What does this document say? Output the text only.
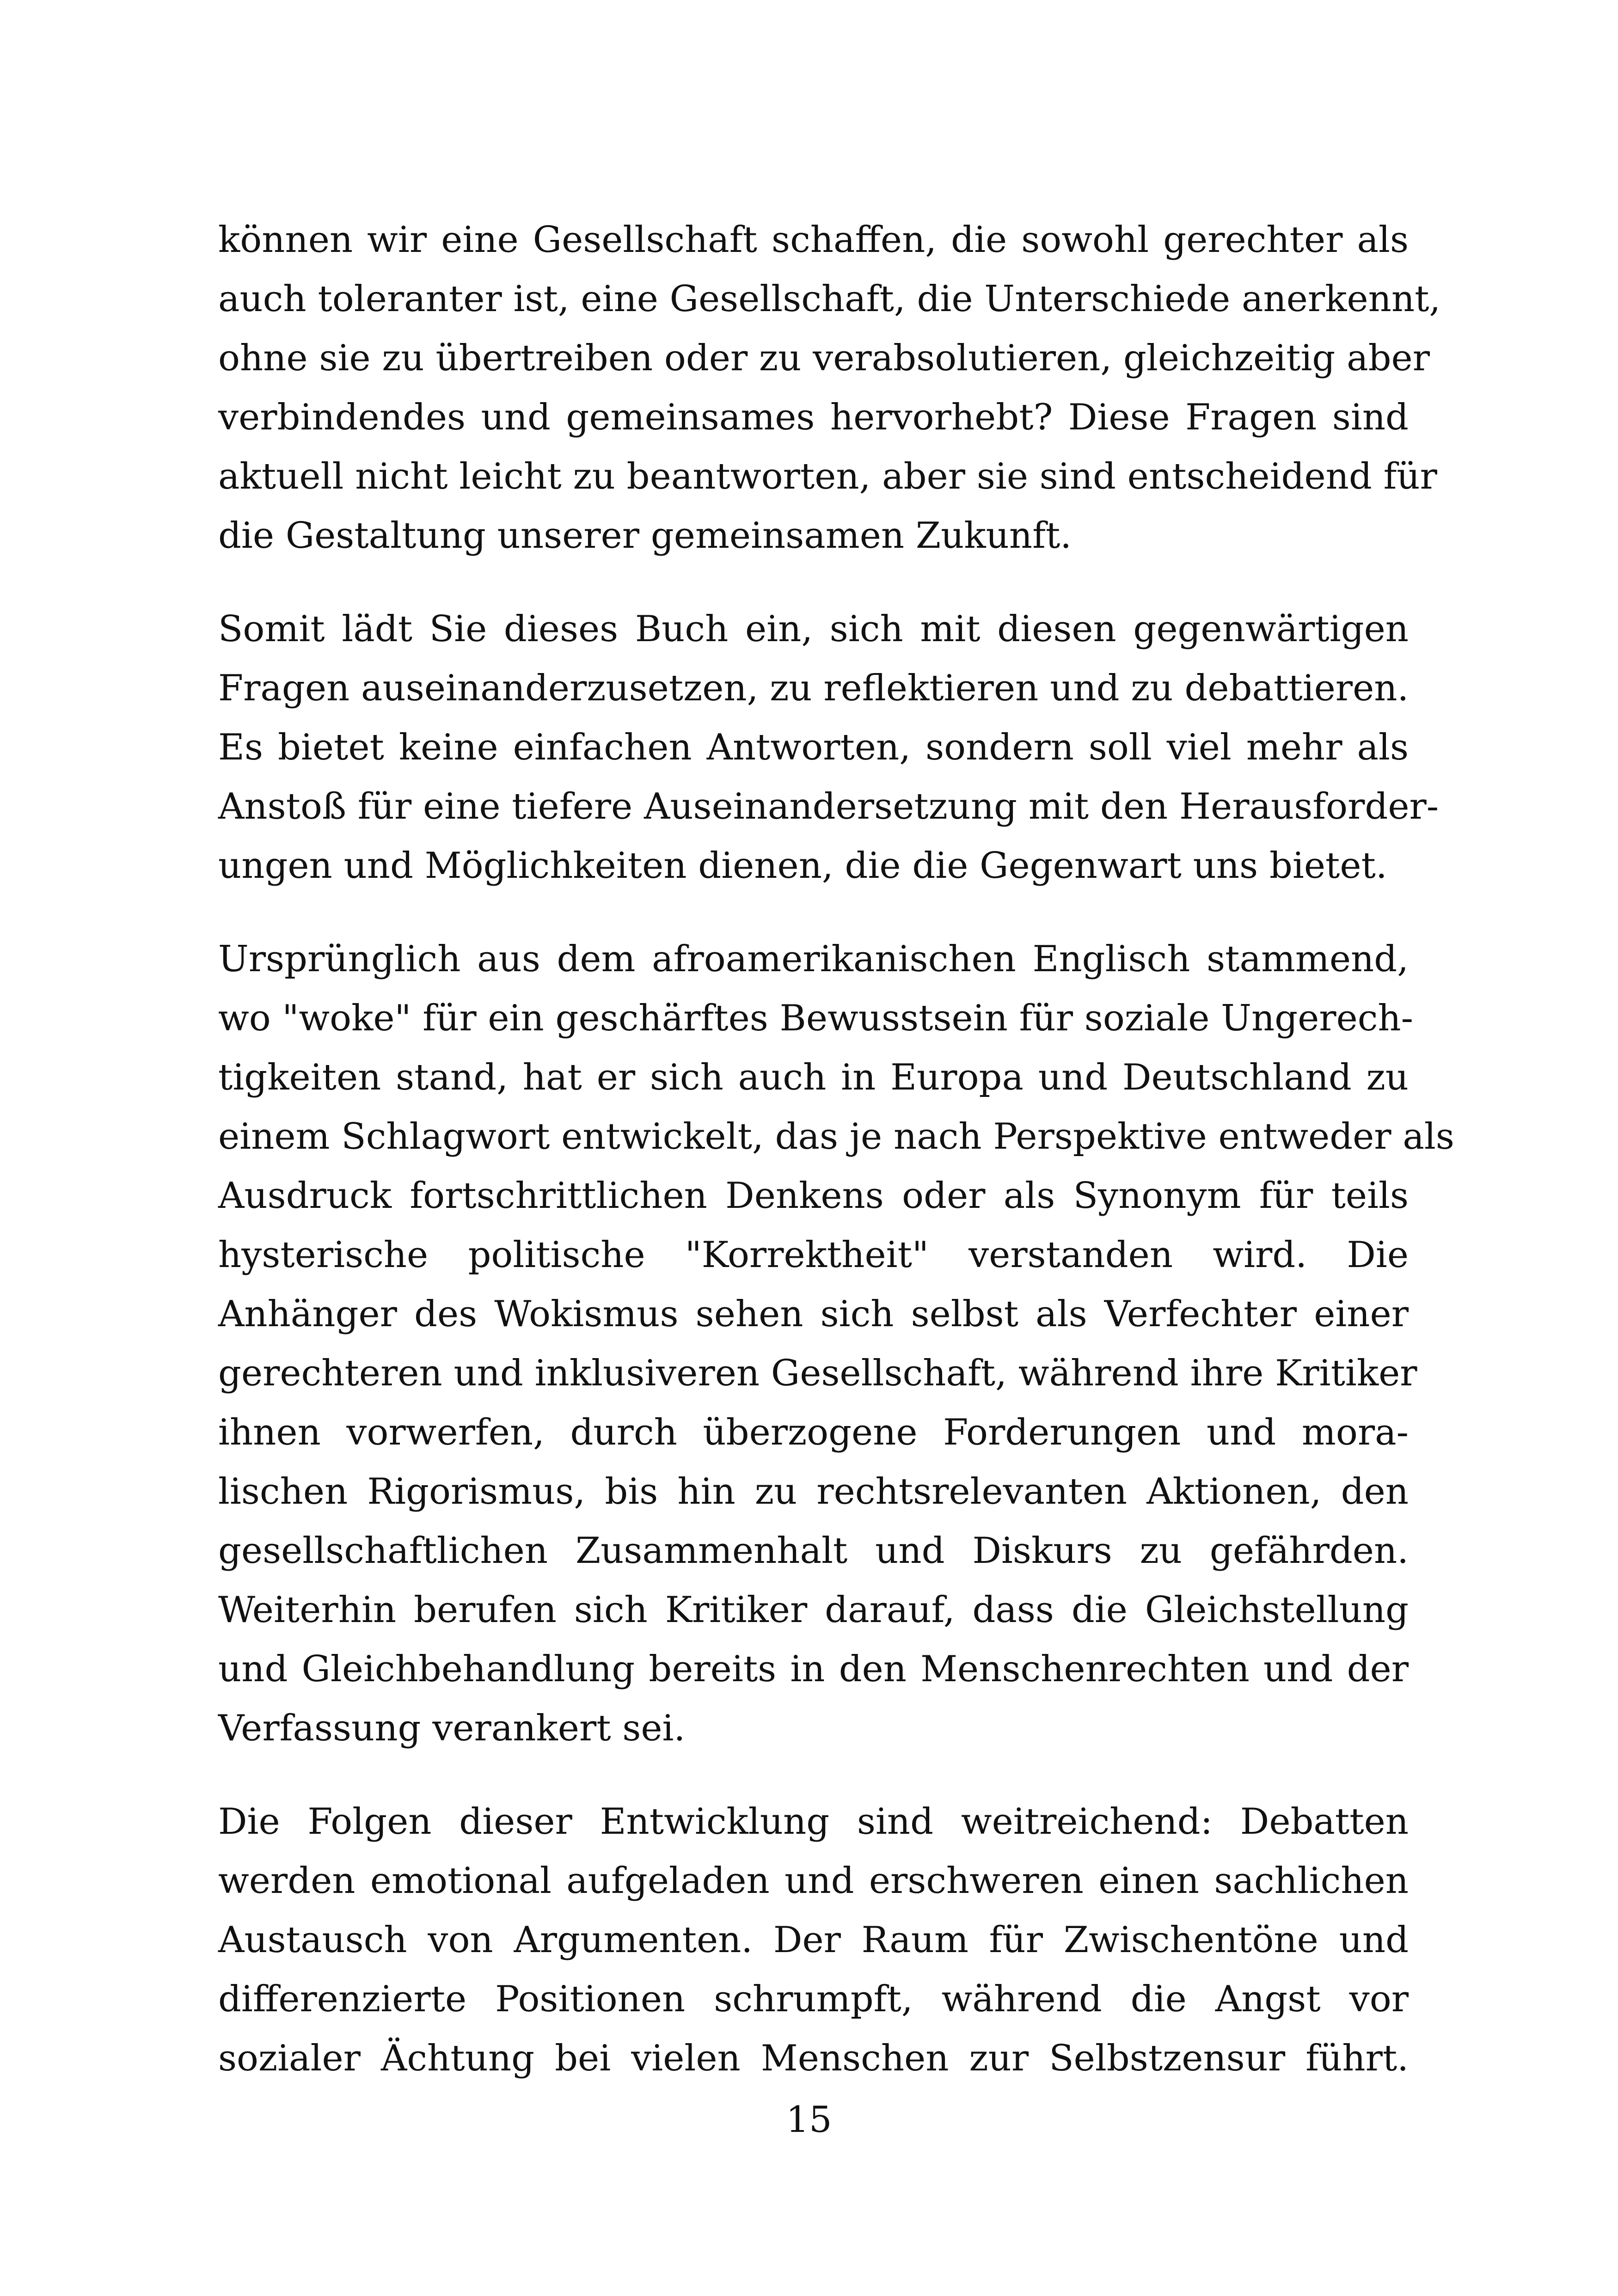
können wir eine Gesellschaft schaffen, die sowohl gerechter als
auch toleranter ist, eine Gesellschaft, die Unterschiede anerkennt,
ohne sie zu übertreiben oder zu verabsolutieren, gleichzeitig aber
verbindendes und gemeinsames hervorhebt? Diese Fragen sind
aktuell nicht leicht zu beantworten, aber sie sind entscheidend für
die Gestaltung unserer gemeinsamen Zukunft.

Somit lädt Sie dieses Buch ein, sich mit diesen gegenwärtigen
Fragen auseinanderzusetzen, zu reflektieren und zu debattieren.
Es bietet keine einfachen Antworten, sondern soll viel mehr als
Anstoß für eine tiefere Auseinandersetzung mit den Herausforder-
ungen und Möglichkeiten dienen, die die Gegenwart uns bietet.

Ursprünglich aus dem afroamerikanischen Englisch stammend,
wo "woke" für ein geschärftes Bewusstsein für soziale Ungerech-
tigkeiten stand, hat er sich auch in Europa und Deutschland zu
einem Schlagwort entwickelt, das je nach Perspektive entweder als
Ausdruck fortschrittlichen Denkens oder als Synonym für teils
hysterische politische "Korrektheit" verstanden wird. Die
Anhänger des Wokismus sehen sich selbst als Verfechter einer
gerechteren und inklusiveren Gesellschaft, während ihre Kritiker
ihnen vorwerfen, durch überzogene Forderungen und mora-
lischen Rigorismus, bis hin zu rechtsrelevanten Aktionen, den
gesellschaftlichen Zusammenhalt und Diskurs zu gefährden.
Weiterhin berufen sich Kritiker darauf, dass die Gleichstellung
und Gleichbehandlung bereits in den Menschenrechten und der
Verfassung verankert sei.

Die Folgen dieser Entwicklung sind weitreichend: Debatten
werden emotional aufgeladen und erschweren einen sachlichen
Austausch von Argumenten. Der Raum für Zwischentöne und
differenzierte Positionen schrumpft, während die Angst vor
sozialer Ächtung bei vielen Menschen zur Selbstzensur führt.

15
